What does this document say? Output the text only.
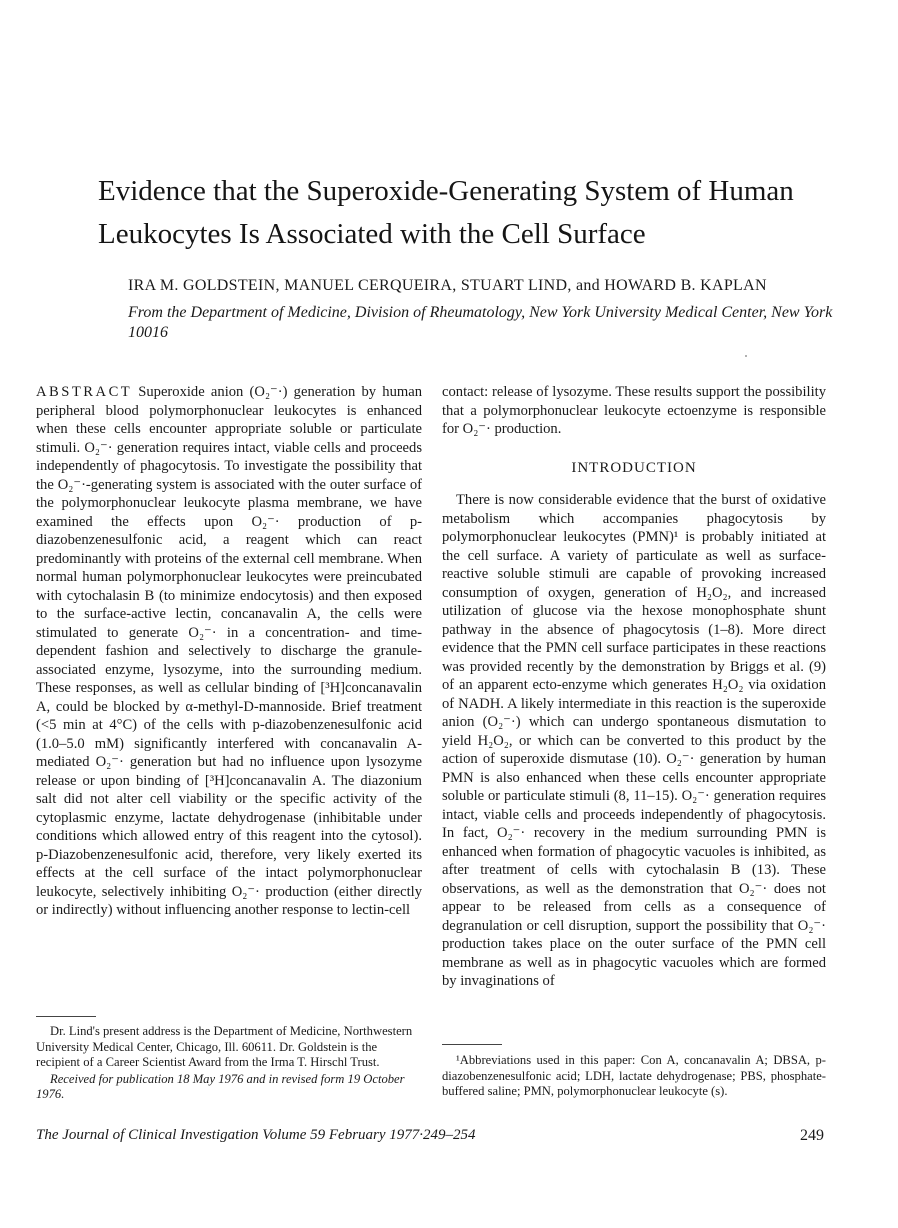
Evidence that the Superoxide-Generating System of Human
Leukocytes Is Associated with the Cell Surface
IRA M. GOLDSTEIN, MANUEL CERQUEIRA, STUART LIND, and HOWARD B. KAPLAN
From the Department of Medicine, Division of Rheumatology, New York University Medical Center, New York 10016

ABSTRACT Superoxide anion (O₂⁻·) generation by human peripheral blood polymorphonuclear leukocytes is enhanced when these cells encounter appropriate soluble or particulate stimuli. O₂⁻· generation requires intact, viable cells and proceeds independently of phagocytosis. To investigate the possibility that the O₂⁻·-generating system is associated with the outer surface of the polymorphonuclear leukocyte plasma membrane, we have examined the effects upon O₂⁻· production of p-diazobenzenesulfonic acid, a reagent which can react predominantly with proteins of the external cell membrane. When normal human polymorphonuclear leukocytes were preincubated with cytochalasin B (to minimize endocytosis) and then exposed to the surface-active lectin, concanavalin A, the cells were stimulated to generate O₂⁻· in a concentration- and time-dependent fashion and selectively to discharge the granule-associated enzyme, lysozyme, into the surrounding medium. These responses, as well as cellular binding of [³H]concanavalin A, could be blocked by α-methyl-D-mannoside. Brief treatment (<5 min at 4°C) of the cells with p-diazobenzenesulfonic acid (1.0–5.0 mM) significantly interfered with concanavalin A-mediated O₂⁻· generation but had no influence upon lysozyme release or upon binding of [³H]concanavalin A. The diazonium salt did not alter cell viability or the specific activity of the cytoplasmic enzyme, lactate dehydrogenase (inhibitable under conditions which allowed entry of this reagent into the cytosol). p-Diazobenzenesulfonic acid, therefore, very likely exerted its effects at the cell surface of the intact polymorphonuclear leukocyte, selectively inhibiting O₂⁻· production (either directly or indirectly) without influencing another response to lectin-cell

contact: release of lysozyme. These results support the possibility that a polymorphonuclear leukocyte ectoenzyme is responsible for O₂⁻· production.

INTRODUCTION

There is now considerable evidence that the burst of oxidative metabolism which accompanies phagocytosis by polymorphonuclear leukocytes (PMN)¹ is probably initiated at the cell surface. A variety of particulate as well as surface-reactive soluble stimuli are capable of provoking increased consumption of oxygen, generation of H₂O₂, and increased utilization of glucose via the hexose monophosphate shunt pathway in the absence of phagocytosis (1–8). More direct evidence that the PMN cell surface participates in these reactions was provided recently by the demonstration by Briggs et al. (9) of an apparent ecto-enzyme which generates H₂O₂ via oxidation of NADH. A likely intermediate in this reaction is the superoxide anion (O₂⁻·) which can undergo spontaneous dismutation to yield H₂O₂, or which can be converted to this product by the action of superoxide dismutase (10). O₂⁻· generation by human PMN is also enhanced when these cells encounter appropriate soluble or particulate stimuli (8, 11–15). O₂⁻· generation requires intact, viable cells and proceeds independently of phagocytosis. In fact, O₂⁻· recovery in the medium surrounding PMN is enhanced when formation of phagocytic vacuoles is inhibited, as after treatment of cells with cytochalasin B (13). These observations, as well as the demonstration that O₂⁻· does not appear to be released from cells as a consequence of degranulation or cell disruption, support the possibility that O₂⁻· production takes place on the outer surface of the PMN cell membrane as well as in phagocytic vacuoles which are formed by invaginations of

Dr. Lind's present address is the Department of Medicine, Northwestern University Medical Center, Chicago, Ill. 60611. Dr. Goldstein is the recipient of a Career Scientist Award from the Irma T. Hirschl Trust.

Received for publication 18 May 1976 and in revised form 19 October 1976.

¹Abbreviations used in this paper: Con A, concanavalin A; DBSA, p-diazobenzenesulfonic acid; LDH, lactate dehydrogenase; PBS, phosphate-buffered saline; PMN, polymorphonuclear leukocyte (s).
The Journal of Clinical Investigation Volume 59 February 1977·249–254	249
